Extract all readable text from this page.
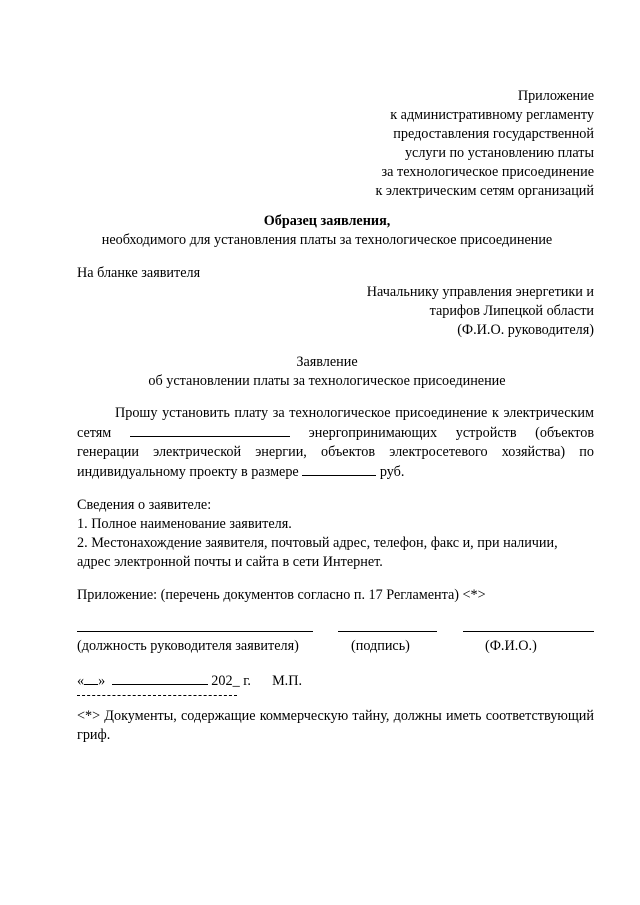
Приложение
к административному регламенту
предоставления государственной
услуги по установлению платы
за технологическое присоединение
к электрическим сетям организаций
Образец заявления,
необходимого для установления платы за технологическое присоединение
На бланке заявителя
Начальнику управления энергетики и
тарифов Липецкой области
(Ф.И.О. руководителя)
Заявление
об установлении платы за технологическое присоединение
Прошу установить плату за технологическое присоединение к электрическим сетям	энергопринимающих устройств (объектов генерации электрической энергии, объектов электросетевого хозяйства) по индивидуальному проекту в размере	руб.
Сведения о заявителе:
1. Полное наименование заявителя.
2. Местонахождение заявителя, почтовый адрес, телефон, факс и, при наличии,
адрес электронной почты и сайта в сети Интернет.
Приложение: (перечень документов согласно п. 17 Регламента) <*>
(должность руководителя заявителя)	(подпись)	(Ф.И.О.)
« »	202_ г. М.П.
<*> Документы, содержащие коммерческую тайну, должны иметь соответствующий гриф.
